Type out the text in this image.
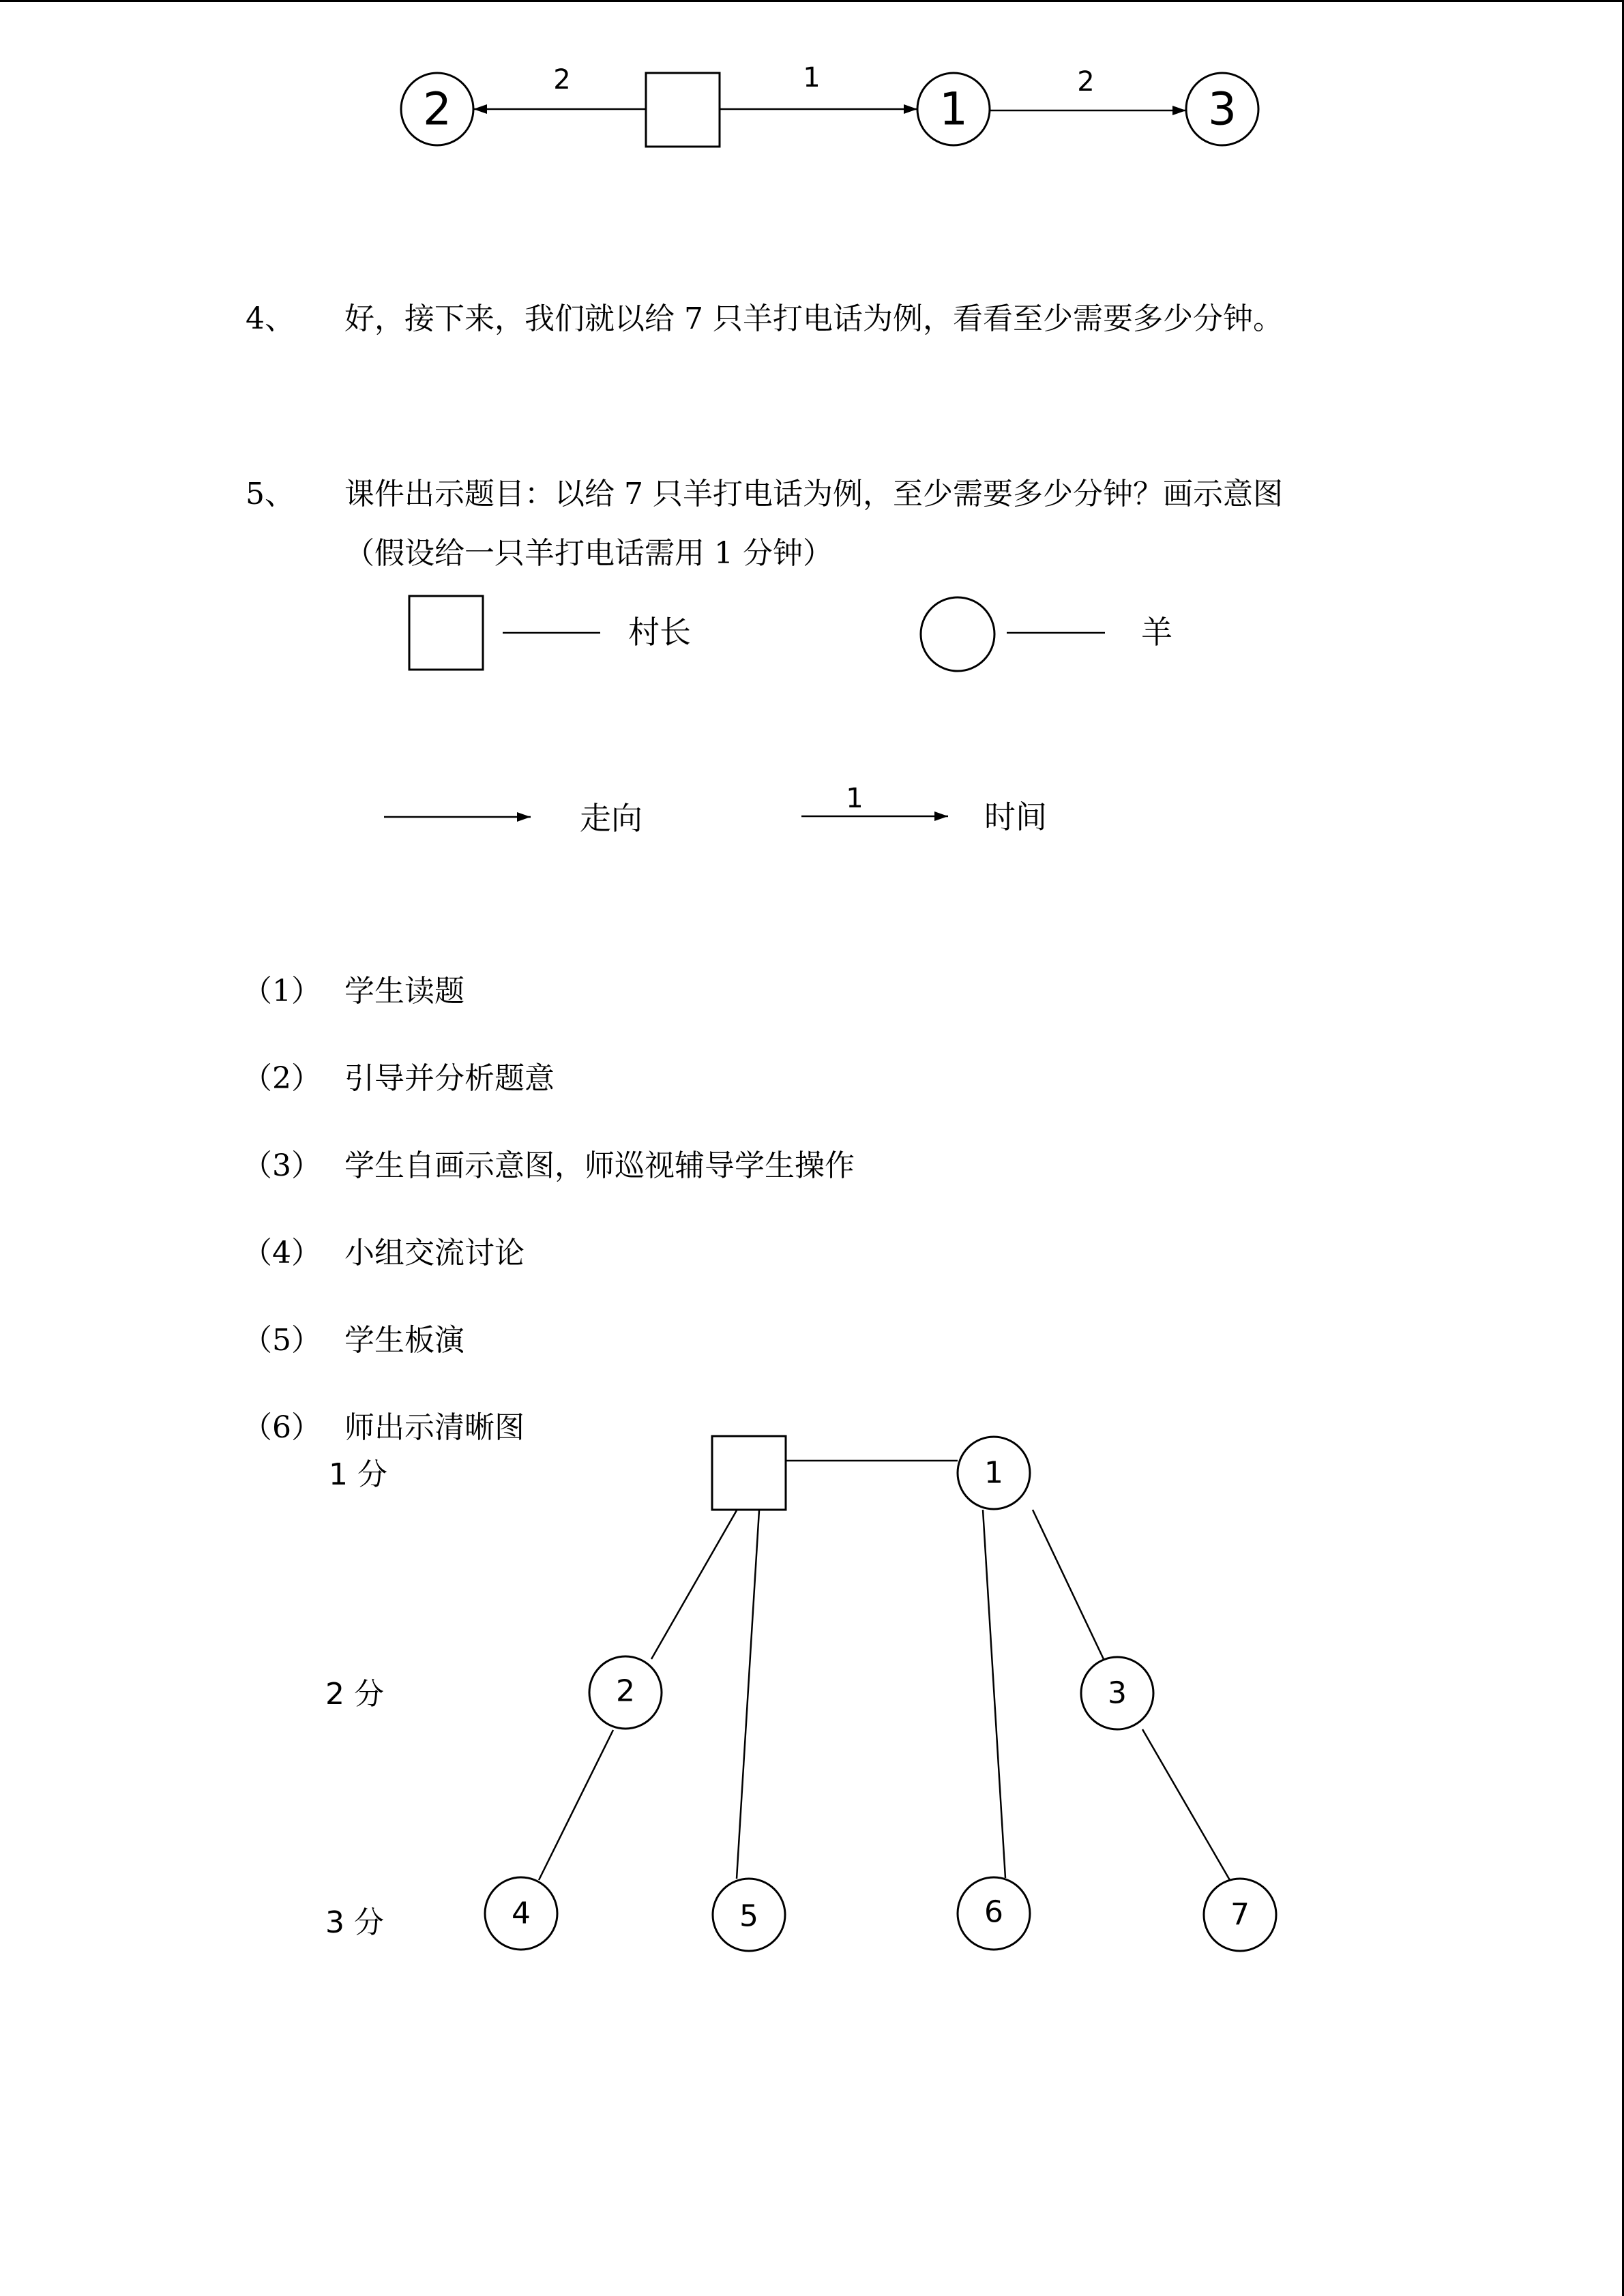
2	1	3
2	1	2
4、 好，接下来，我们就以给 7 只羊打电话为例，看看至少需要多少分钟。
5、 课件出示题目：以给 7 只羊打电话为例，至少需要多少分钟？画示意图
（假设给一只羊打电话需用 1 分钟）
1
村长	羊
走向	时间
（1） 学生读题
（2） 引导并分析题意
（3） 学生自画示意图，师巡视辅导学生操作
（4） 小组交流讨论
（5） 学生板演
（6） 师出示清晰图
1 分
2 分
3 分
1
2	3
4	5	6	7
